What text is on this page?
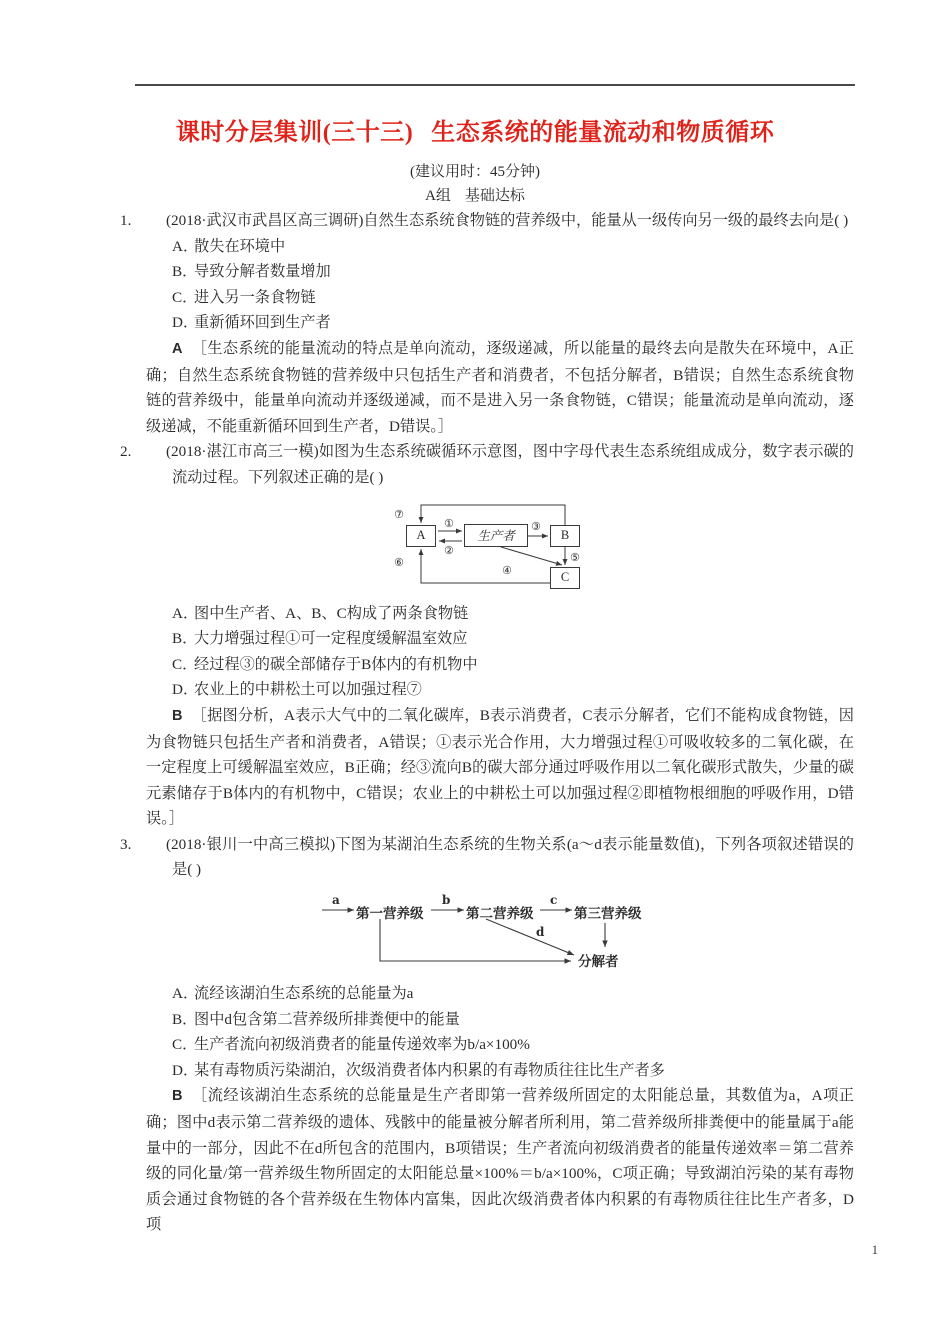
课时分层集训(三十三) 生态系统的能量流动和物质循环
(建议用时：45分钟)
A组 基础达标
1. (2018·武汉市武昌区高三调研)自然生态系统食物链的营养级中，能量从一级传向另一级的最终去向是( )
A．散失在环境中
B．导致分解者数量增加
C．进入另一条食物链
D．重新循环回到生产者
A ［生态系统的能量流动的特点是单向流动，逐级递减，所以能量的最终去向是散失在环境中，A正确；自然生态系统食物链的营养级中只包括生产者和消费者，不包括分解者，B错误；自然生态系统食物链的营养级中，能量单向流动并逐级递减，而不是进入另一条食物链，C错误；能量流动是单向流动，逐级递减，不能重新循环回到生产者，D错误。］
2. (2018·湛江市高三一模)如图为生态系统碳循环示意图，图中字母代表生态系统组成成分，数字表示碳的流动过程。下列叙述正确的是( )
A	生产者	B
C
①
②
③
④
⑤
⑥
⑦
A．图中生产者、A、B、C构成了两条食物链
B．大力增强过程①可一定程度缓解温室效应
C．经过程③的碳全部储存于B体内的有机物中
D．农业上的中耕松土可以加强过程⑦
B ［据图分析，A表示大气中的二氧化碳库，B表示消费者，C表示分解者，它们不能构成食物链，因为食物链只包括生产者和消费者，A错误；①表示光合作用，大力增强过程①可吸收较多的二氧化碳，在一定程度上可缓解温室效应，B正确；经③流向B的碳大部分通过呼吸作用以二氧化碳形式散失，少量的碳元素储存于B体内的有机物中，C错误；农业上的中耕松土可以加强过程②即植物根细胞的呼吸作用，D错误。］
3. (2018·银川一中高三模拟)下图为某湖泊生态系统的生物关系(a～d表示能量数值)，下列各项叙述错误的是( )
第一营养级	第二营养级	第三营养级
分解者
a	b	c
d
A．流经该湖泊生态系统的总能量为a
B．图中d包含第二营养级所排粪便中的能量
C．生产者流向初级消费者的能量传递效率为b/a×100%
D．某有毒物质污染湖泊，次级消费者体内积累的有毒物质往往比生产者多
B ［流经该湖泊生态系统的总能量是生产者即第一营养级所固定的太阳能总量，其数值为a，A项正确；图中d表示第二营养级的遗体、残骸中的能量被分解者所利用，第二营养级所排粪便中的能量属于a能量中的一部分，因此不在d所包含的范围内，B项错误；生产者流向初级消费者的能量传递效率＝第二营养级的同化量/第一营养级生物所固定的太阳能总量×100%＝b/a×100%，C项正确；导致湖泊污染的某有毒物质会通过食物链的各个营养级在生物体内富集，因此次级消费者体内积累的有毒物质往往比生产者多，D项
1
